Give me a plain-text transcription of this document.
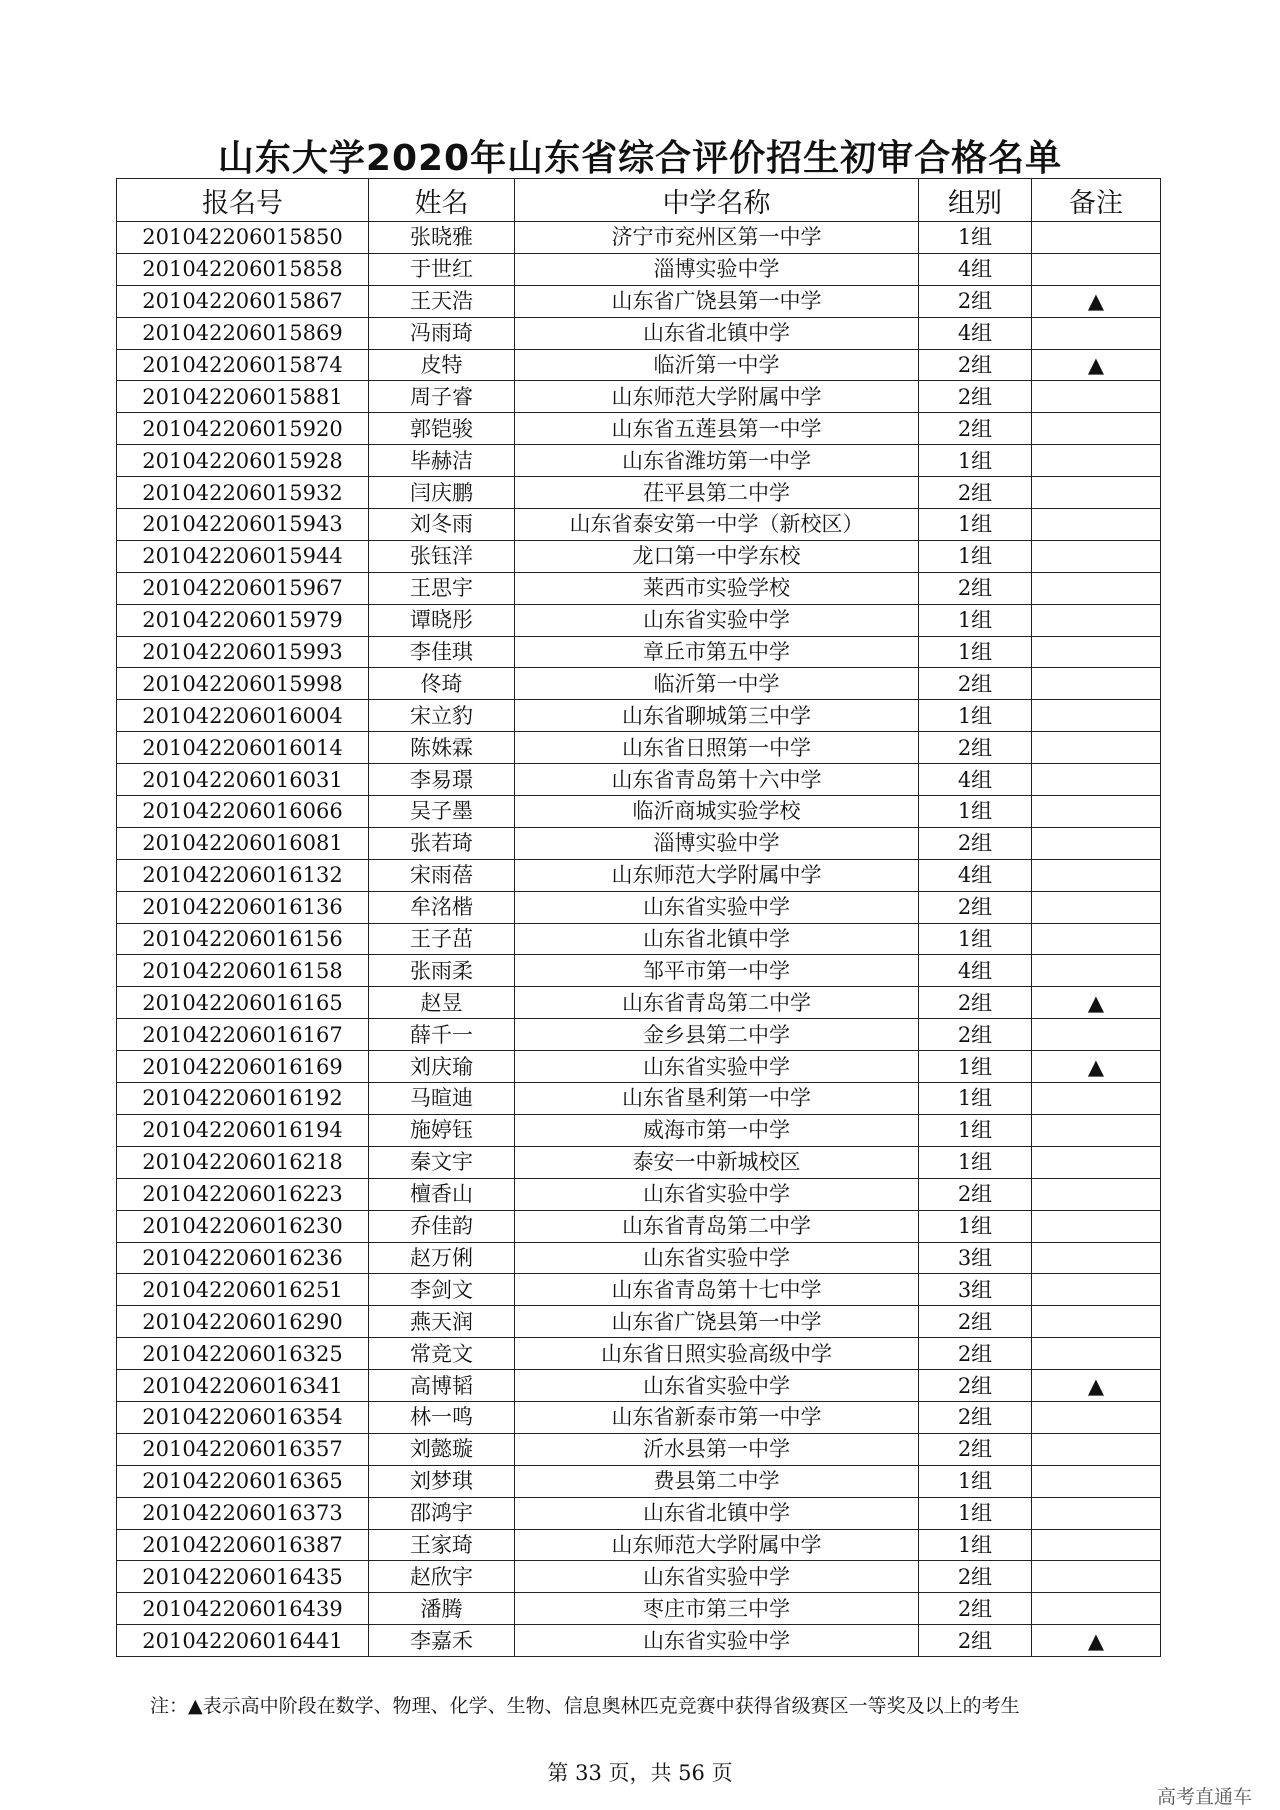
山东大学2020年山东省综合评价招生初审合格名单
报名号	姓名	中学名称	组别	备注
201042206015850	张晓雅	济宁市兖州区第一中学	1组	
201042206015858	于世红	淄博实验中学	4组	
201042206015867	王天浩	山东省广饶县第一中学	2组	▲
201042206015869	冯雨琦	山东省北镇中学	4组	
201042206015874	皮特	临沂第一中学	2组	▲
201042206015881	周子睿	山东师范大学附属中学	2组	
201042206015920	郭铠骏	山东省五莲县第一中学	2组	
201042206015928	毕赫洁	山东省潍坊第一中学	1组	
201042206015932	闫庆鹏	茌平县第二中学	2组	
201042206015943	刘冬雨	山东省泰安第一中学（新校区）	1组	
201042206015944	张钰洋	龙口第一中学东校	1组	
201042206015967	王思宇	莱西市实验学校	2组	
201042206015979	谭晓彤	山东省实验中学	1组	
201042206015993	李佳琪	章丘市第五中学	1组	
201042206015998	佟琦	临沂第一中学	2组	
201042206016004	宋立豹	山东省聊城第三中学	1组	
201042206016014	陈姝霖	山东省日照第一中学	2组	
201042206016031	李易璟	山东省青岛第十六中学	4组	
201042206016066	吴子墨	临沂商城实验学校	1组	
201042206016081	张若琦	淄博实验中学	2组	
201042206016132	宋雨蓓	山东师范大学附属中学	4组	
201042206016136	牟洺楷	山东省实验中学	2组	
201042206016156	王子茁	山东省北镇中学	1组	
201042206016158	张雨柔	邹平市第一中学	4组	
201042206016165	赵昱	山东省青岛第二中学	2组	▲
201042206016167	薛千一	金乡县第二中学	2组	
201042206016169	刘庆瑜	山东省实验中学	1组	▲
201042206016192	马暄迪	山东省垦利第一中学	1组	
201042206016194	施婷钰	威海市第一中学	1组	
201042206016218	秦文宇	泰安一中新城校区	1组	
201042206016223	檀香山	山东省实验中学	2组	
201042206016230	乔佳韵	山东省青岛第二中学	1组	
201042206016236	赵万俐	山东省实验中学	3组	
201042206016251	李剑文	山东省青岛第十七中学	3组	
201042206016290	燕天润	山东省广饶县第一中学	2组	
201042206016325	常竞文	山东省日照实验高级中学	2组	
201042206016341	高博韬	山东省实验中学	2组	▲
201042206016354	林一鸣	山东省新泰市第一中学	2组	
201042206016357	刘懿璇	沂水县第一中学	2组	
201042206016365	刘梦琪	费县第二中学	1组	
201042206016373	邵鸿宇	山东省北镇中学	1组	
201042206016387	王家琦	山东师范大学附属中学	1组	
201042206016435	赵欣宇	山东省实验中学	2组	
201042206016439	潘腾	枣庄市第三中学	2组	
201042206016441	李嘉禾	山东省实验中学	2组	▲
注：▲表示高中阶段在数学、物理、化学、生物、信息奥林匹克竞赛中获得省级赛区一等奖及以上的考生
第 33 页，共 56 页
高考直通车
